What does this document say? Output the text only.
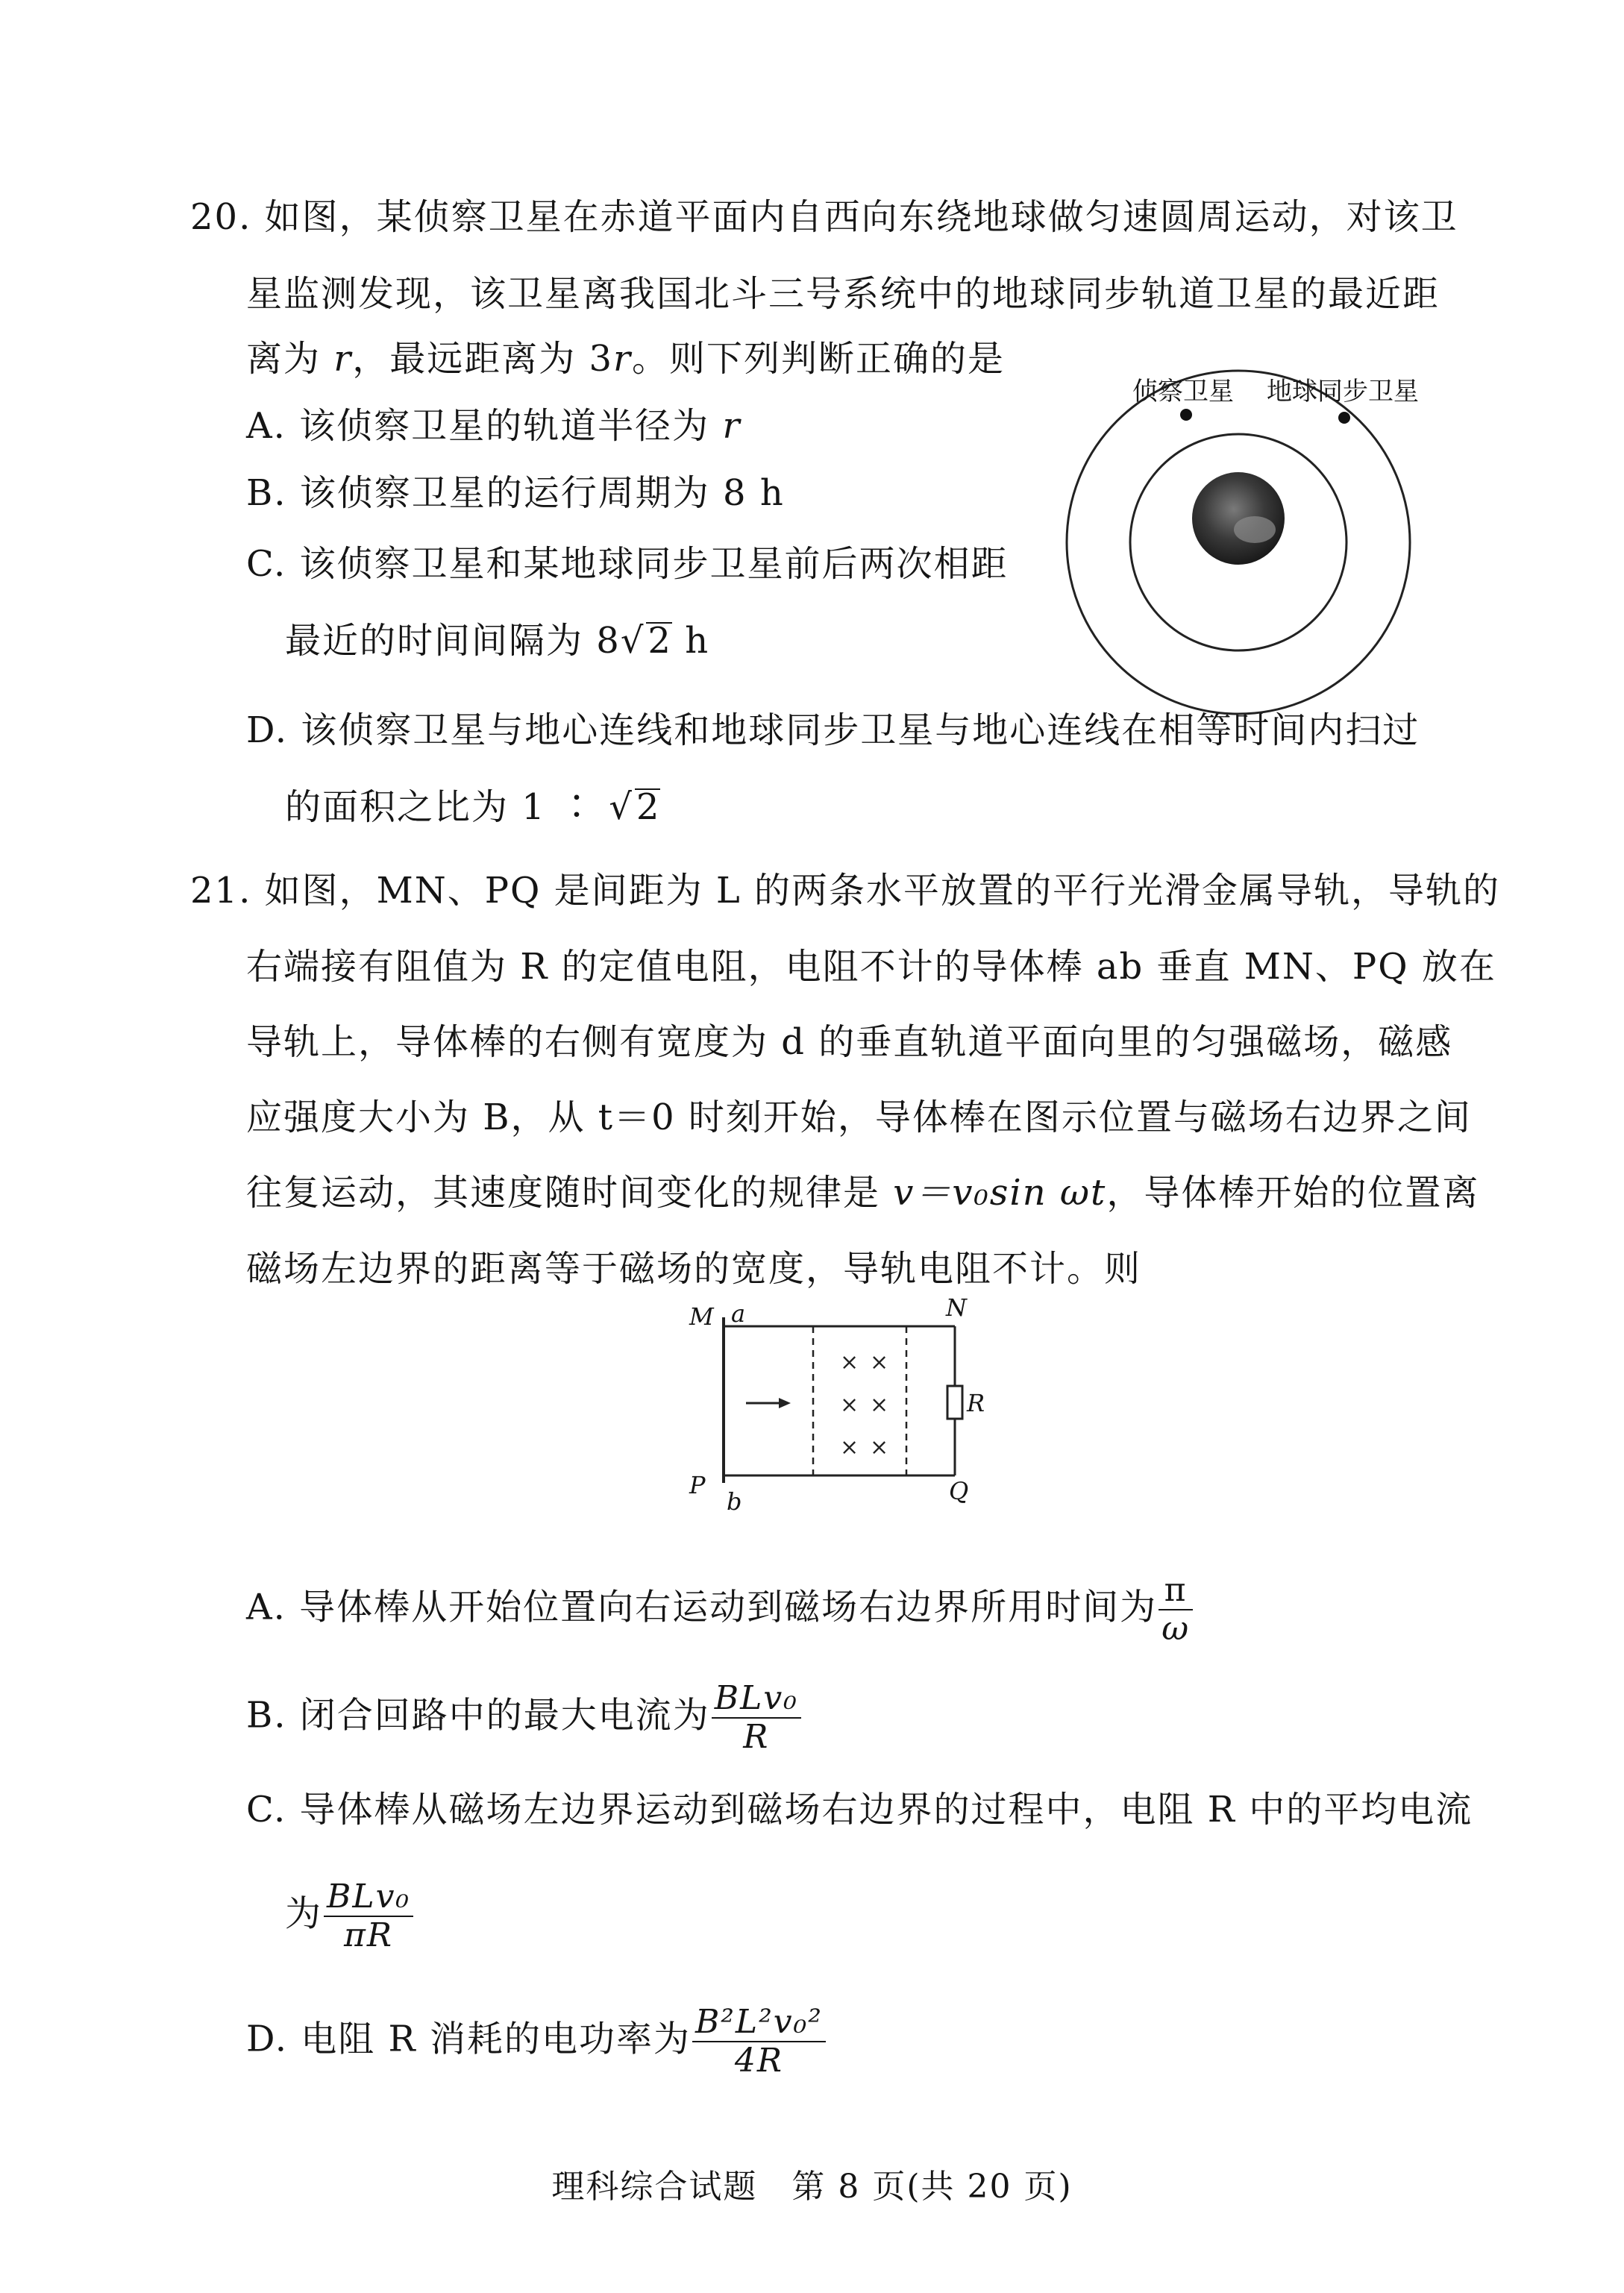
20. 如图，某侦察卫星在赤道平面内自西向东绕地球做匀速圆周运动，对该卫
星监测发现，该卫星离我国北斗三号系统中的地球同步轨道卫星的最近距
离为 r，最远距离为 3r。则下列判断正确的是
A. 该侦察卫星的轨道半径为 r
B. 该侦察卫星的运行周期为 8 h
C. 该侦察卫星和某地球同步卫星前后两次相距
最近的时间间隔为 8√2 h
D. 该侦察卫星与地心连线和地球同步卫星与地心连线在相等时间内扫过
的面积之比为 1 ∶ √2
侦察卫星 地球同步卫星
21. 如图，MN、PQ 是间距为 L 的两条水平放置的平行光滑金属导轨，导轨的
右端接有阻值为 R 的定值电阻，电阻不计的导体棒 ab 垂直 MN、PQ 放在
导轨上，导体棒的右侧有宽度为 d 的垂直轨道平面向里的匀强磁场，磁感
应强度大小为 B，从 t＝0 时刻开始，导体棒在图示位置与磁场右边界之间
往复运动，其速度随时间变化的规律是 v＝v₀sin ωt，导体棒开始的位置离
磁场左边界的距离等于磁场的宽度，导轨电阻不计。则
× ×
× ×
× ×
M a	N
R
P
b	Q
A. 导体棒从开始位置向右运动到磁场右边界所用时间为 $\frac{\pi}{\omega}$
B. 闭合回路中的最大电流为 $\frac{\text{BLv₀}}{R}$
C. 导体棒从磁场左边界运动到磁场右边界的过程中，电阻 R 中的平均电流
为 $\frac{\text{BLv₀}}{\pi R}$
D. 电阻 R 消耗的电功率为 $\frac{\text{B²L²v₀²}}{4R}$
理科综合试题　第 8 页(共 20 页)
